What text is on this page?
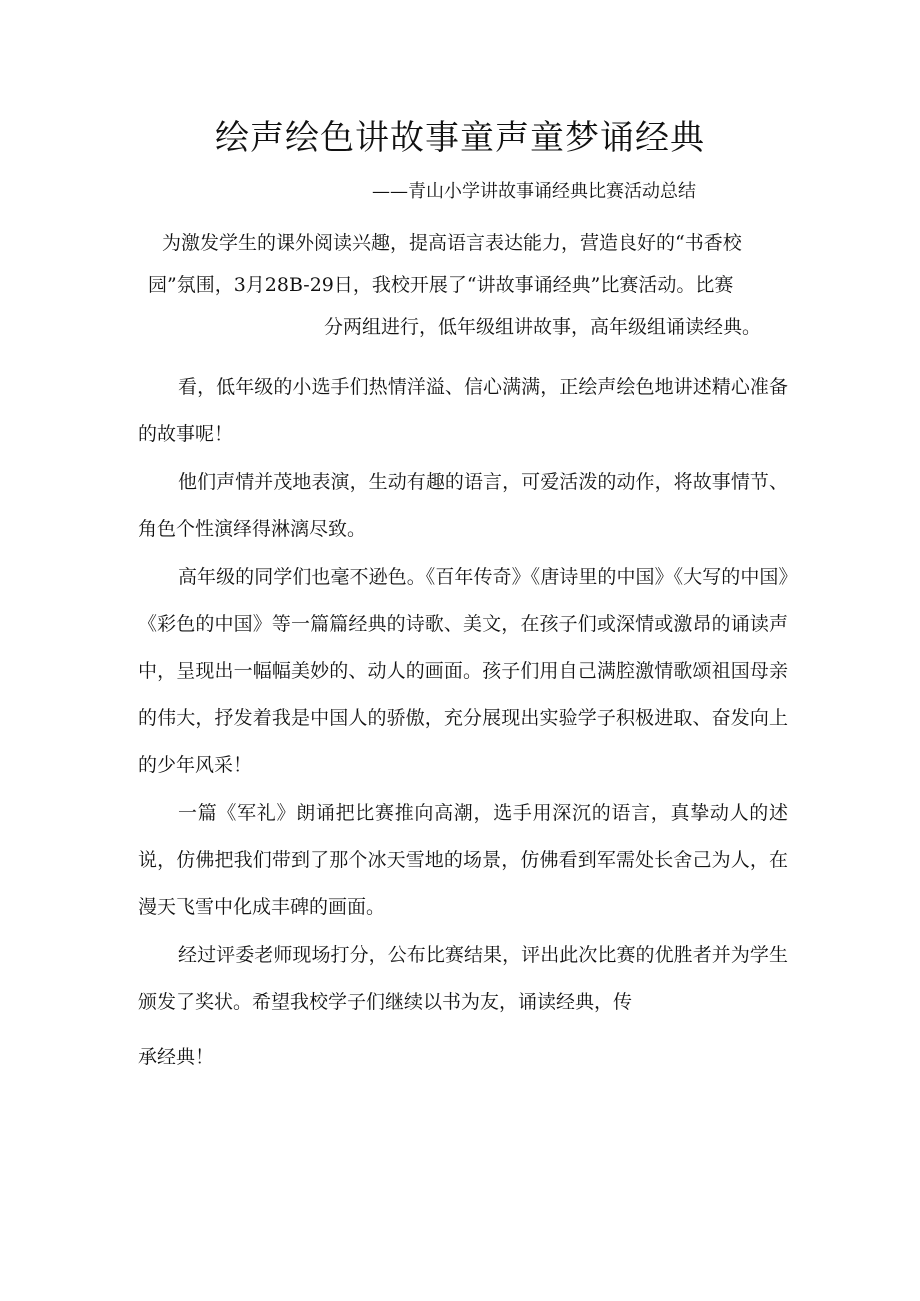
绘声绘色讲故事童声童梦诵经典

——青山小学讲故事诵经典比赛活动总结

为激发学生的课外阅读兴趣，提高语言表达能力，营造良好的“书香校
园”氛围，3月28B-29日，我校开展了“讲故事诵经典”比赛活动。比赛
分两组进行，低年级组讲故事，高年级组诵读经典。

看，低年级的小选手们热情洋溢、信心满满，正绘声绘色地讲述精心准备的故事呢！

他们声情并茂地表演，生动有趣的语言，可爱活泼的动作，将故事情节、角色个性演绎得淋漓尽致。

高年级的同学们也毫不逊色。《百年传奇》《唐诗里的中国》《大写的中国》《彩色的中国》等一篇篇经典的诗歌、美文，在孩子们或深情或激昂的诵读声中，呈现出一幅幅美妙的、动人的画面。孩子们用自己满腔激情歌颂祖国母亲的伟大，抒发着我是中国人的骄傲，充分展现出实验学子积极进取、奋发向上的少年风采！

一篇《军礼》朗诵把比赛推向高潮，选手用深沉的语言，真挚动人的述说，仿佛把我们带到了那个冰天雪地的场景，仿佛看到军需处长舍己为人，在漫天飞雪中化成丰碑的画面。

经过评委老师现场打分，公布比赛结果，评出此次比赛的优胜者并为学生颁发了奖状。希望我校学子们继续以书为友，诵读经典，传

承经典！
